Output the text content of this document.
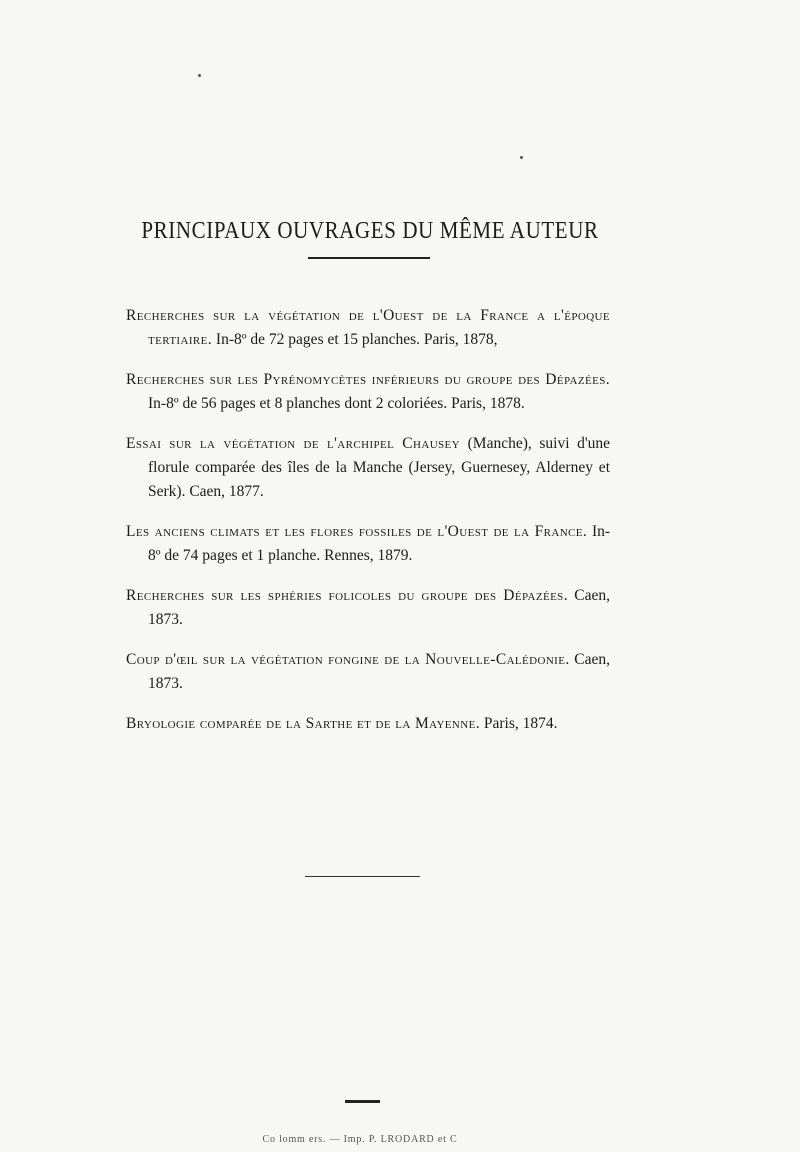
PRINCIPAUX OUVRAGES DU MÊME AUTEUR
Recherches sur la végétation de l'Ouest de la France a l'époque tertiaire. In-8º de 72 pages et 15 planches. Paris, 1878,
Recherches sur les Pyrénomycètes inférieurs du groupe des Dépazées. In-8º de 56 pages et 8 planches dont 2 coloriées. Paris, 1878.
Essai sur la végétation de l'archipel Chausey (Manche), suivi d'une florule comparée des îles de la Manche (Jersey, Guernesey, Alderney et Serk). Caen, 1877.
Les anciens climats et les flores fossiles de l'Ouest de la France. In-8º de 74 pages et 1 planche. Rennes, 1879.
Recherches sur les sphéries folicoles du groupe des Dépazées. Caen, 1873.
Coup d'œil sur la végétation fongine de la Nouvelle-Calédonie. Caen, 1873.
Bryologie comparée de la Sarthe et de la Mayenne. Paris, 1874.
Co lomm ers. — Imp. P. LRODARD et C
